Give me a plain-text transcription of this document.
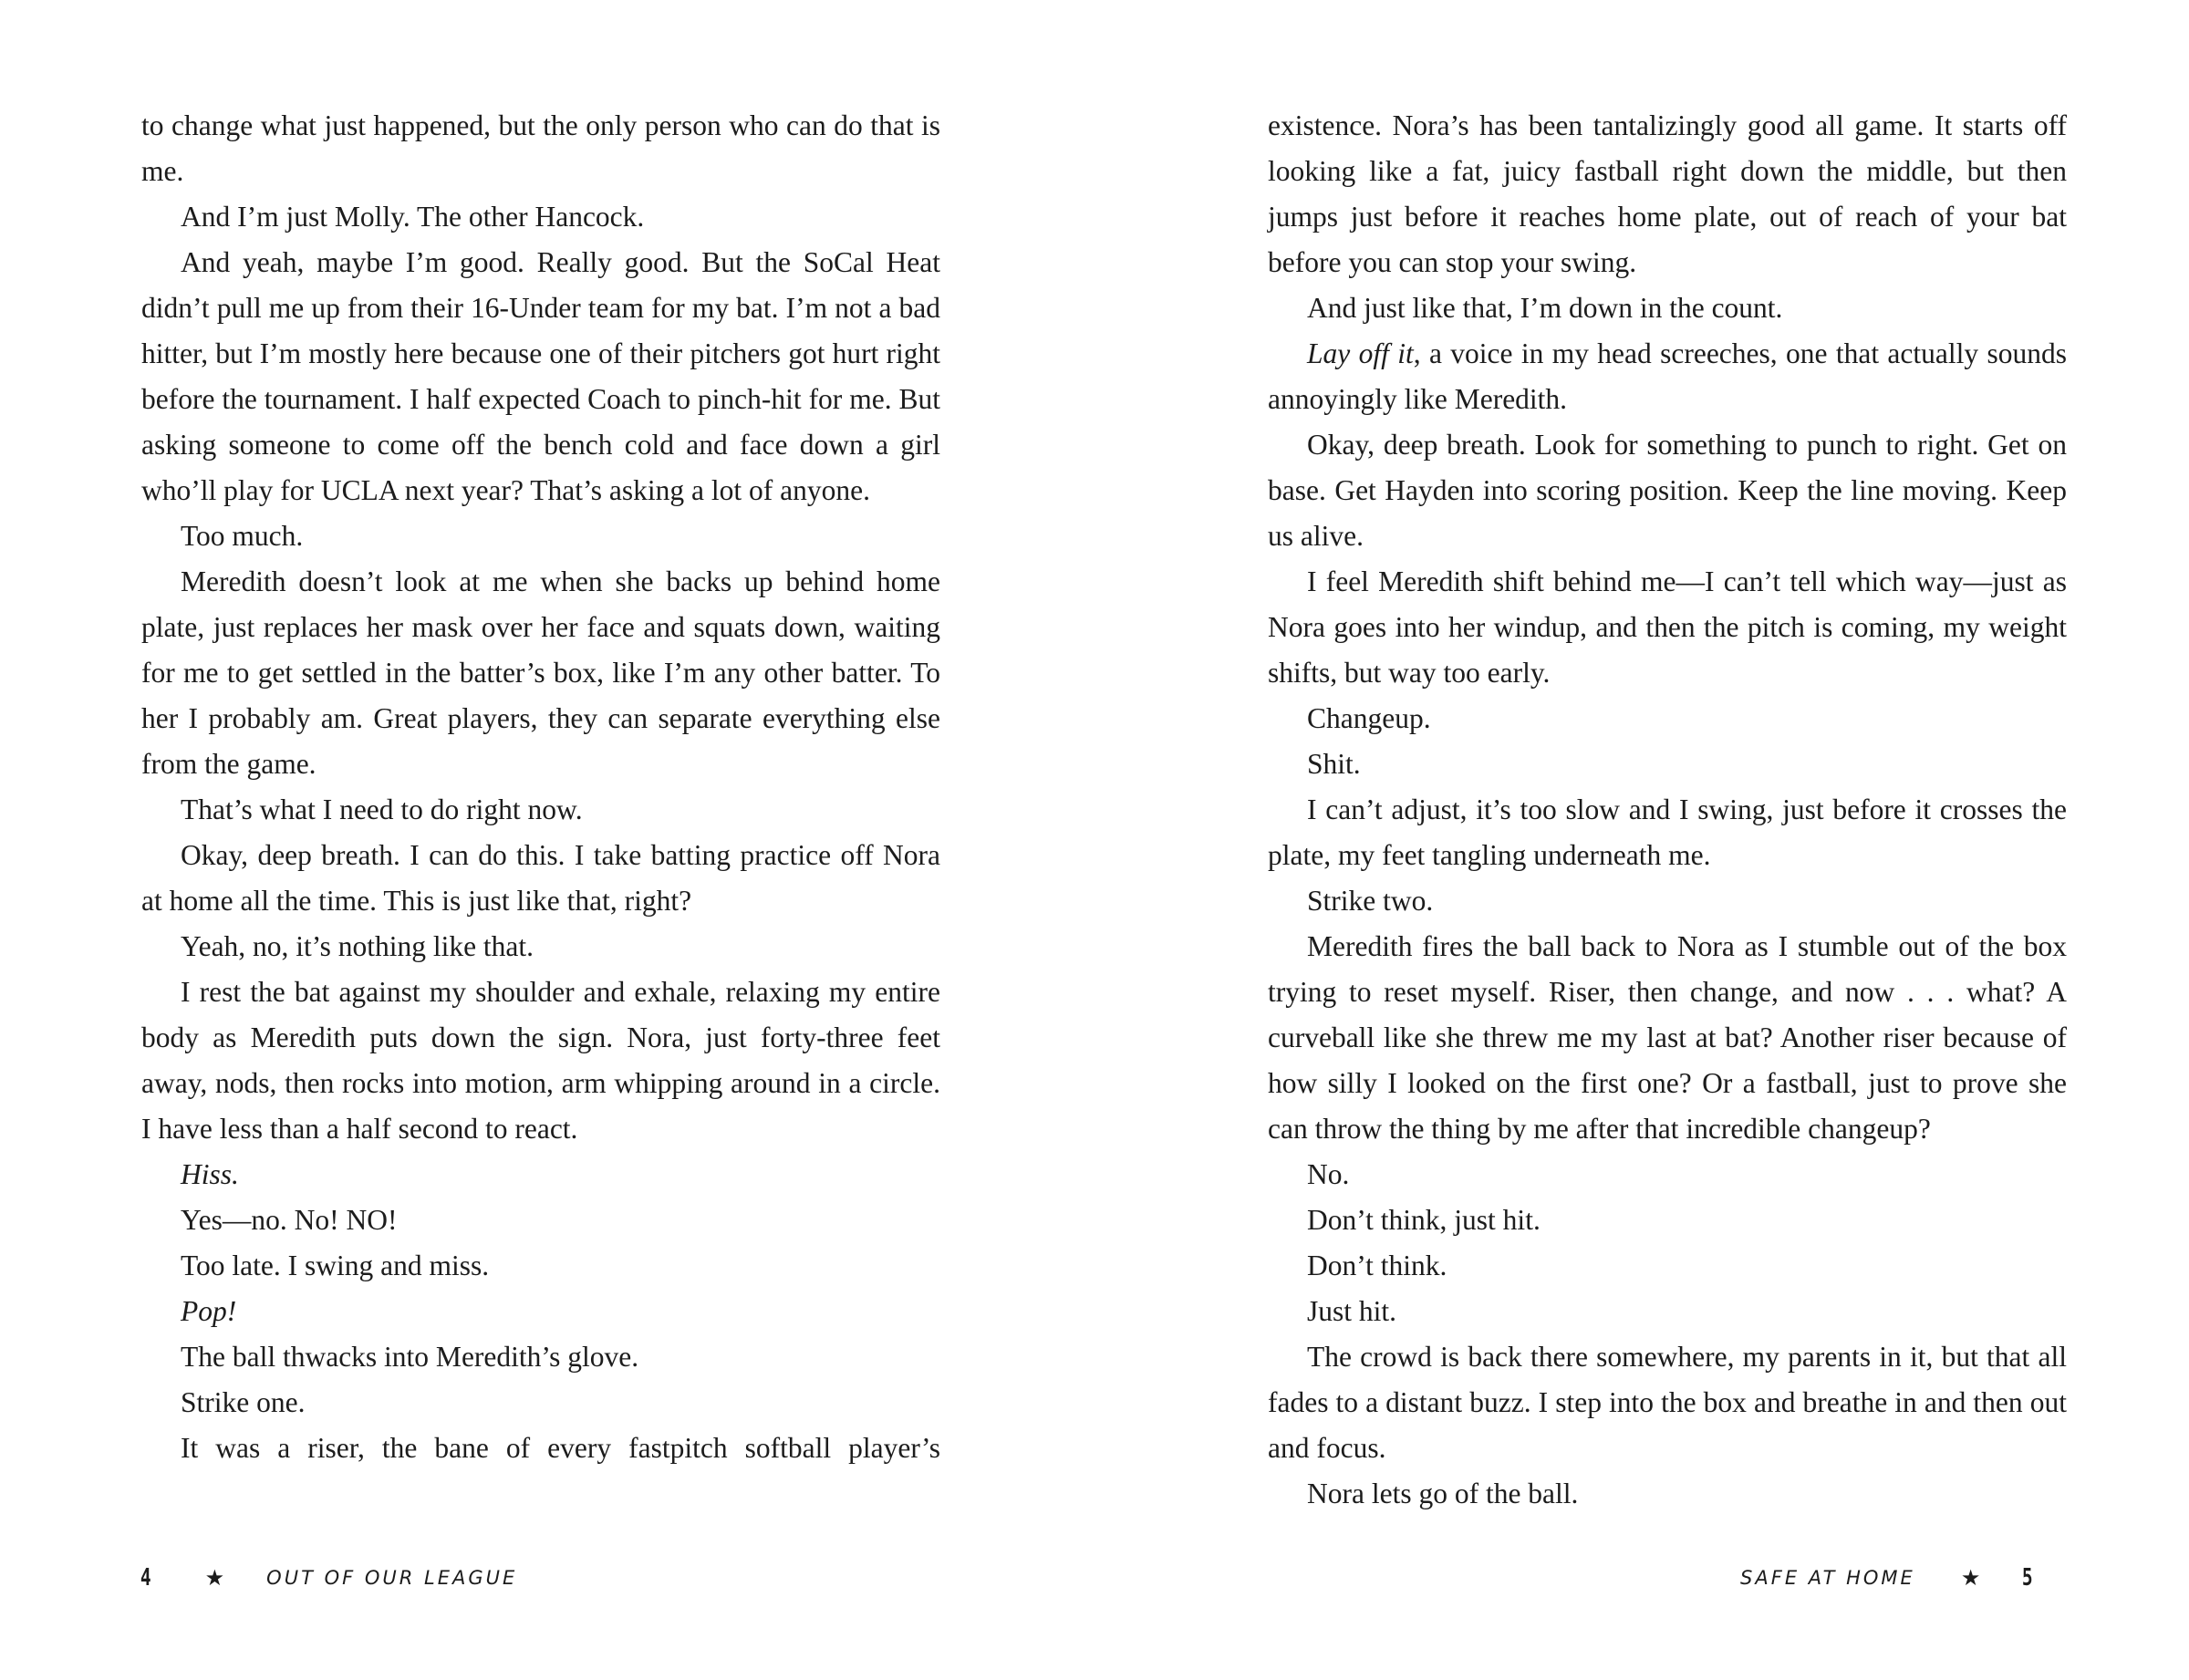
to change what just happened, but the only person who can do that is me.

And I’m just Molly. The other Hancock.

And yeah, maybe I’m good. Really good. But the SoCal Heat didn’t pull me up from their 16-Under team for my bat. I’m not a bad hitter, but I’m mostly here because one of their pitchers got hurt right before the tournament. I half expected Coach to pinch-hit for me. But asking someone to come off the bench cold and face down a girl who’ll play for UCLA next year? That’s asking a lot of anyone.

Too much.

Meredith doesn’t look at me when she backs up behind home plate, just replaces her mask over her face and squats down, waiting for me to get settled in the batter’s box, like I’m any other batter. To her I probably am. Great players, they can separate everything else from the game.

That’s what I need to do right now.

Okay, deep breath. I can do this. I take batting practice off Nora at home all the time. This is just like that, right?

Yeah, no, it’s nothing like that.

I rest the bat against my shoulder and exhale, relaxing my entire body as Meredith puts down the sign. Nora, just forty-three feet away, nods, then rocks into motion, arm whipping around in a circle. I have less than a half second to react.

Hiss.

Yes—no. No! NO!

Too late. I swing and miss.

Pop!

The ball thwacks into Meredith’s glove.

Strike one.

It was a riser, the bane of every fastpitch softball player’s

4 ★ OUT OF OUR LEAGUE

existence. Nora’s has been tantalizingly good all game. It starts off looking like a fat, juicy fastball right down the middle, but then jumps just before it reaches home plate, out of reach of your bat before you can stop your swing.

And just like that, I’m down in the count.

Lay off it, a voice in my head screeches, one that actually sounds annoyingly like Meredith.

Okay, deep breath. Look for something to punch to right. Get on base. Get Hayden into scoring position. Keep the line moving. Keep us alive.

I feel Meredith shift behind me—I can’t tell which way—just as Nora goes into her windup, and then the pitch is coming, my weight shifts, but way too early.

Changeup.

Shit.

I can’t adjust, it’s too slow and I swing, just before it crosses the plate, my feet tangling underneath me.

Strike two.

Meredith fires the ball back to Nora as I stumble out of the box trying to reset myself. Riser, then change, and now . . . what? A curveball like she threw me my last at bat? Another riser because of how silly I looked on the first one? Or a fastball, just to prove she can throw the thing by me after that incredible changeup?

No.

Don’t think, just hit.

Don’t think.

Just hit.

The crowd is back there somewhere, my parents in it, but that all fades to a distant buzz. I step into the box and breathe in and then out and focus.

Nora lets go of the ball.

SAFE AT HOME ★ 5
